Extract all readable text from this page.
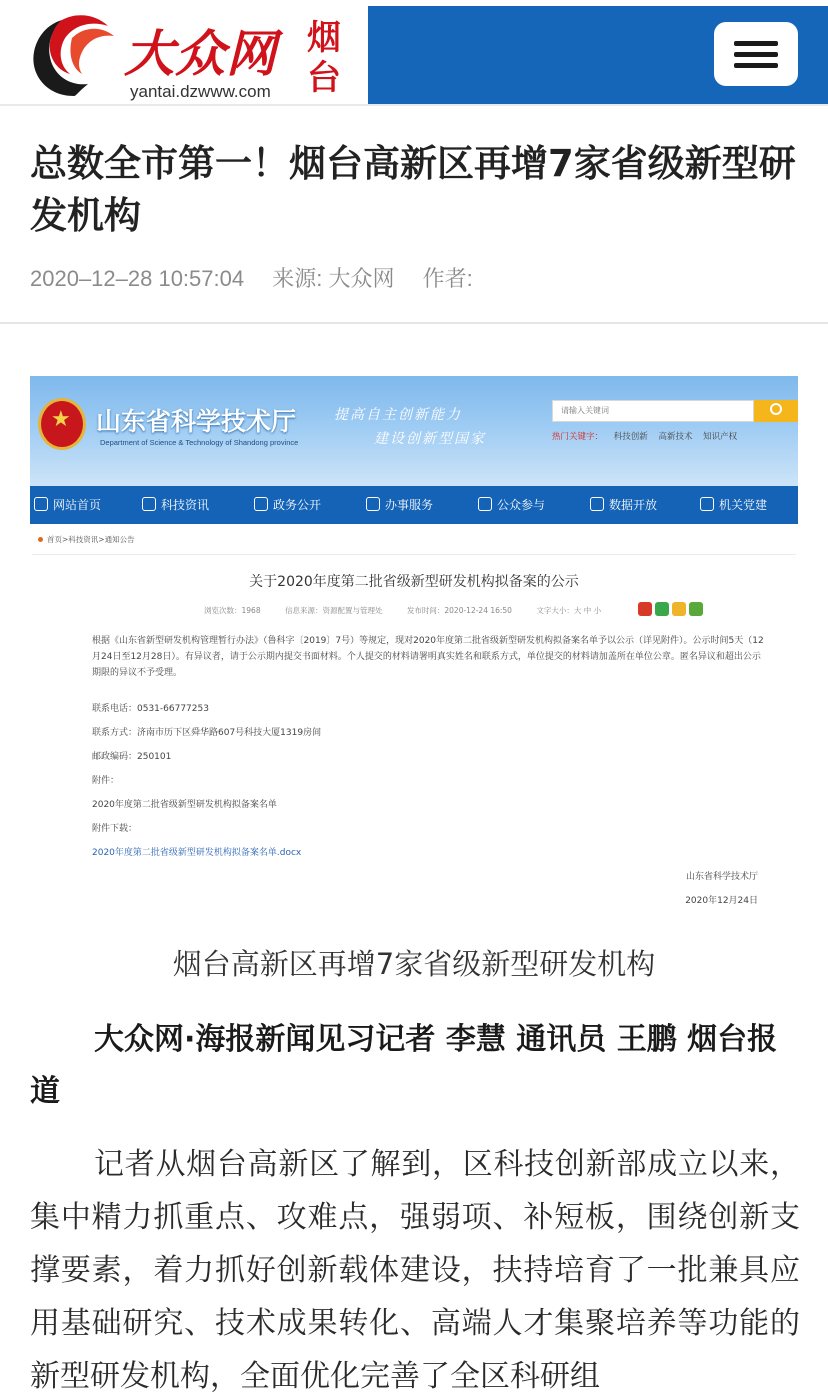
大众网
yantai.dzwww.com
烟台
总数全市第一！烟台高新区再增7家省级新型研发机构
2020–12–28 10:57:04 来源: 大众网 作者:
★ 山东省科学技术厅
Department of Science & Technology of Shandong province
提高自主创新能力
建设创新型国家
请输入关键词
热门关键字： 科技创新 高新技术 知识产权
网站首页	科技资讯	政务公开	办事服务	公众参与	数据开放	机关党建
首页>科技资讯>通知公告
关于2020年度第二批省级新型研发机构拟备案的公示
浏览次数：1968	信息来源：资源配置与管理处	发布时间：2020-12-24 16:50	文字大小：大 中 小
根据《山东省新型研发机构管理暂行办法》（鲁科字〔2019〕7号）等规定，现对2020年度第二批省级新型研发机构拟备案名单予以公示（详见附件）。公示时间5天（12月24日至12月28日）。有异议者，请于公示期内提交书面材料。个人提交的材料请署明真实姓名和联系方式，单位提交的材料请加盖所在单位公章。匿名异议和超出公示期限的异议不予受理。
联系电话：0531-66777253
联系方式：济南市历下区舜华路607号科技大厦1319房间
邮政编码：250101
附件：
2020年度第二批省级新型研发机构拟备案名单
附件下载：
2020年度第二批省级新型研发机构拟备案名单.docx
山东省科学技术厅
2020年12月24日
烟台高新区再增7家省级新型研发机构

大众网·海报新闻见习记者 李慧 通讯员 王鹏 烟台报道

记者从烟台高新区了解到，区科技创新部成立以来，集中精力抓重点、攻难点，强弱项、补短板，围绕创新支撑要素，着力抓好创新载体建设，扶持培育了一批兼具应用基础研究、技术成果转化、高端人才集聚培养等功能的新型研发机构，全面优化完善了全区科研组
